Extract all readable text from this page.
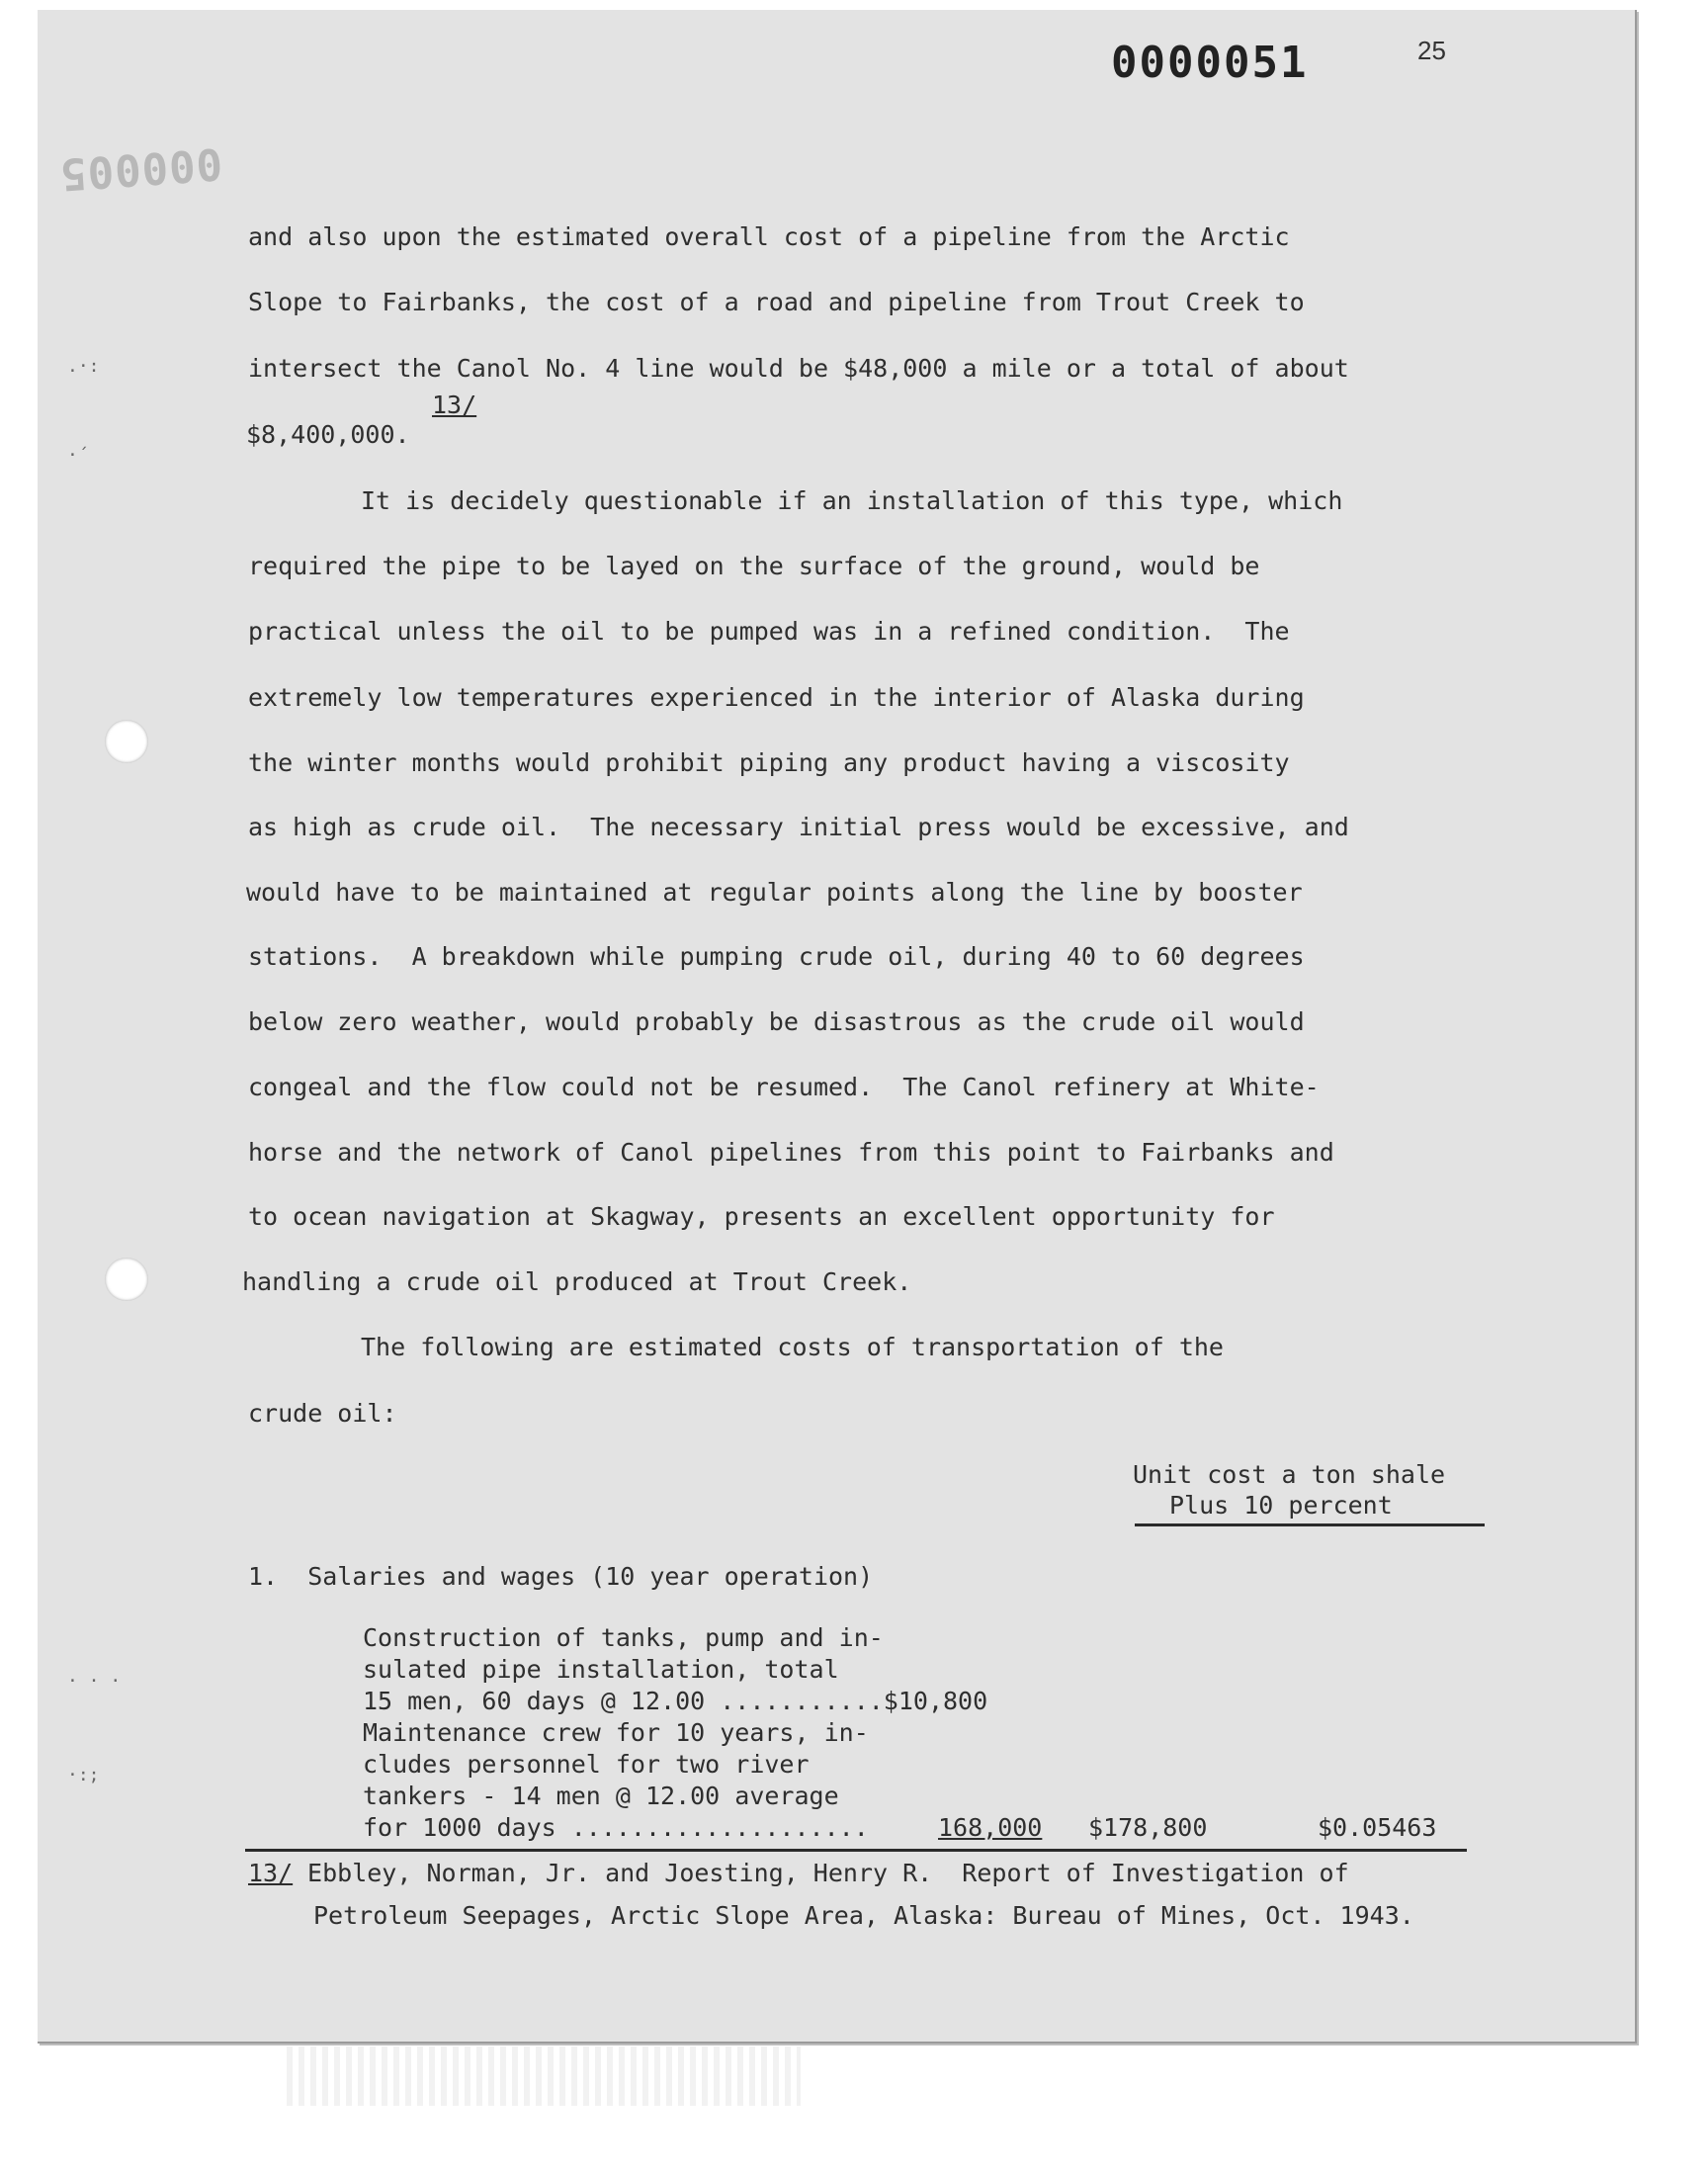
0000051	25
000005
and also upon the estimated overall cost of a pipeline from the Arctic
Slope to Fairbanks, the cost of a road and pipeline from Trout Creek to
intersect the Canol No. 4 line would be $48,000 a mile or a total of about
13/
$8,400,000.
It is decidely questionable if an installation of this type, which
required the pipe to be layed on the surface of the ground, would be
practical unless the oil to be pumped was in a refined condition.  The
extremely low temperatures experienced in the interior of Alaska during
the winter months would prohibit piping any product having a viscosity
as high as crude oil.  The necessary initial press would be excessive, and
would have to be maintained at regular points along the line by booster
stations.  A breakdown while pumping crude oil, during 40 to 60 degrees
below zero weather, would probably be disastrous as the crude oil would
congeal and the flow could not be resumed.  The Canol refinery at White-
horse and the network of Canol pipelines from this point to Fairbanks and
to ocean navigation at Skagway, presents an excellent opportunity for
handling a crude oil produced at Trout Creek.
The following are estimated costs of transportation of the
crude oil:
Unit cost a ton shale
Plus 10 percent
1.  Salaries and wages (10 year operation)
Construction of tanks, pump and in-
sulated pipe installation, total
15 men, 60 days @ 12.00 ...........$10,800
Maintenance crew for 10 years, in-
cludes personnel for two river
tankers - 14 men @ 12.00 average
for 1000 days ....................	168,000 $178,800	$0.05463
13/ Ebbley, Norman, Jr. and Joesting, Henry R.  Report of Investigation of
Petroleum Seepages, Arctic Slope Area, Alaska: Bureau of Mines, Oct. 1943.
.·:
·´
· · ·
·:;
